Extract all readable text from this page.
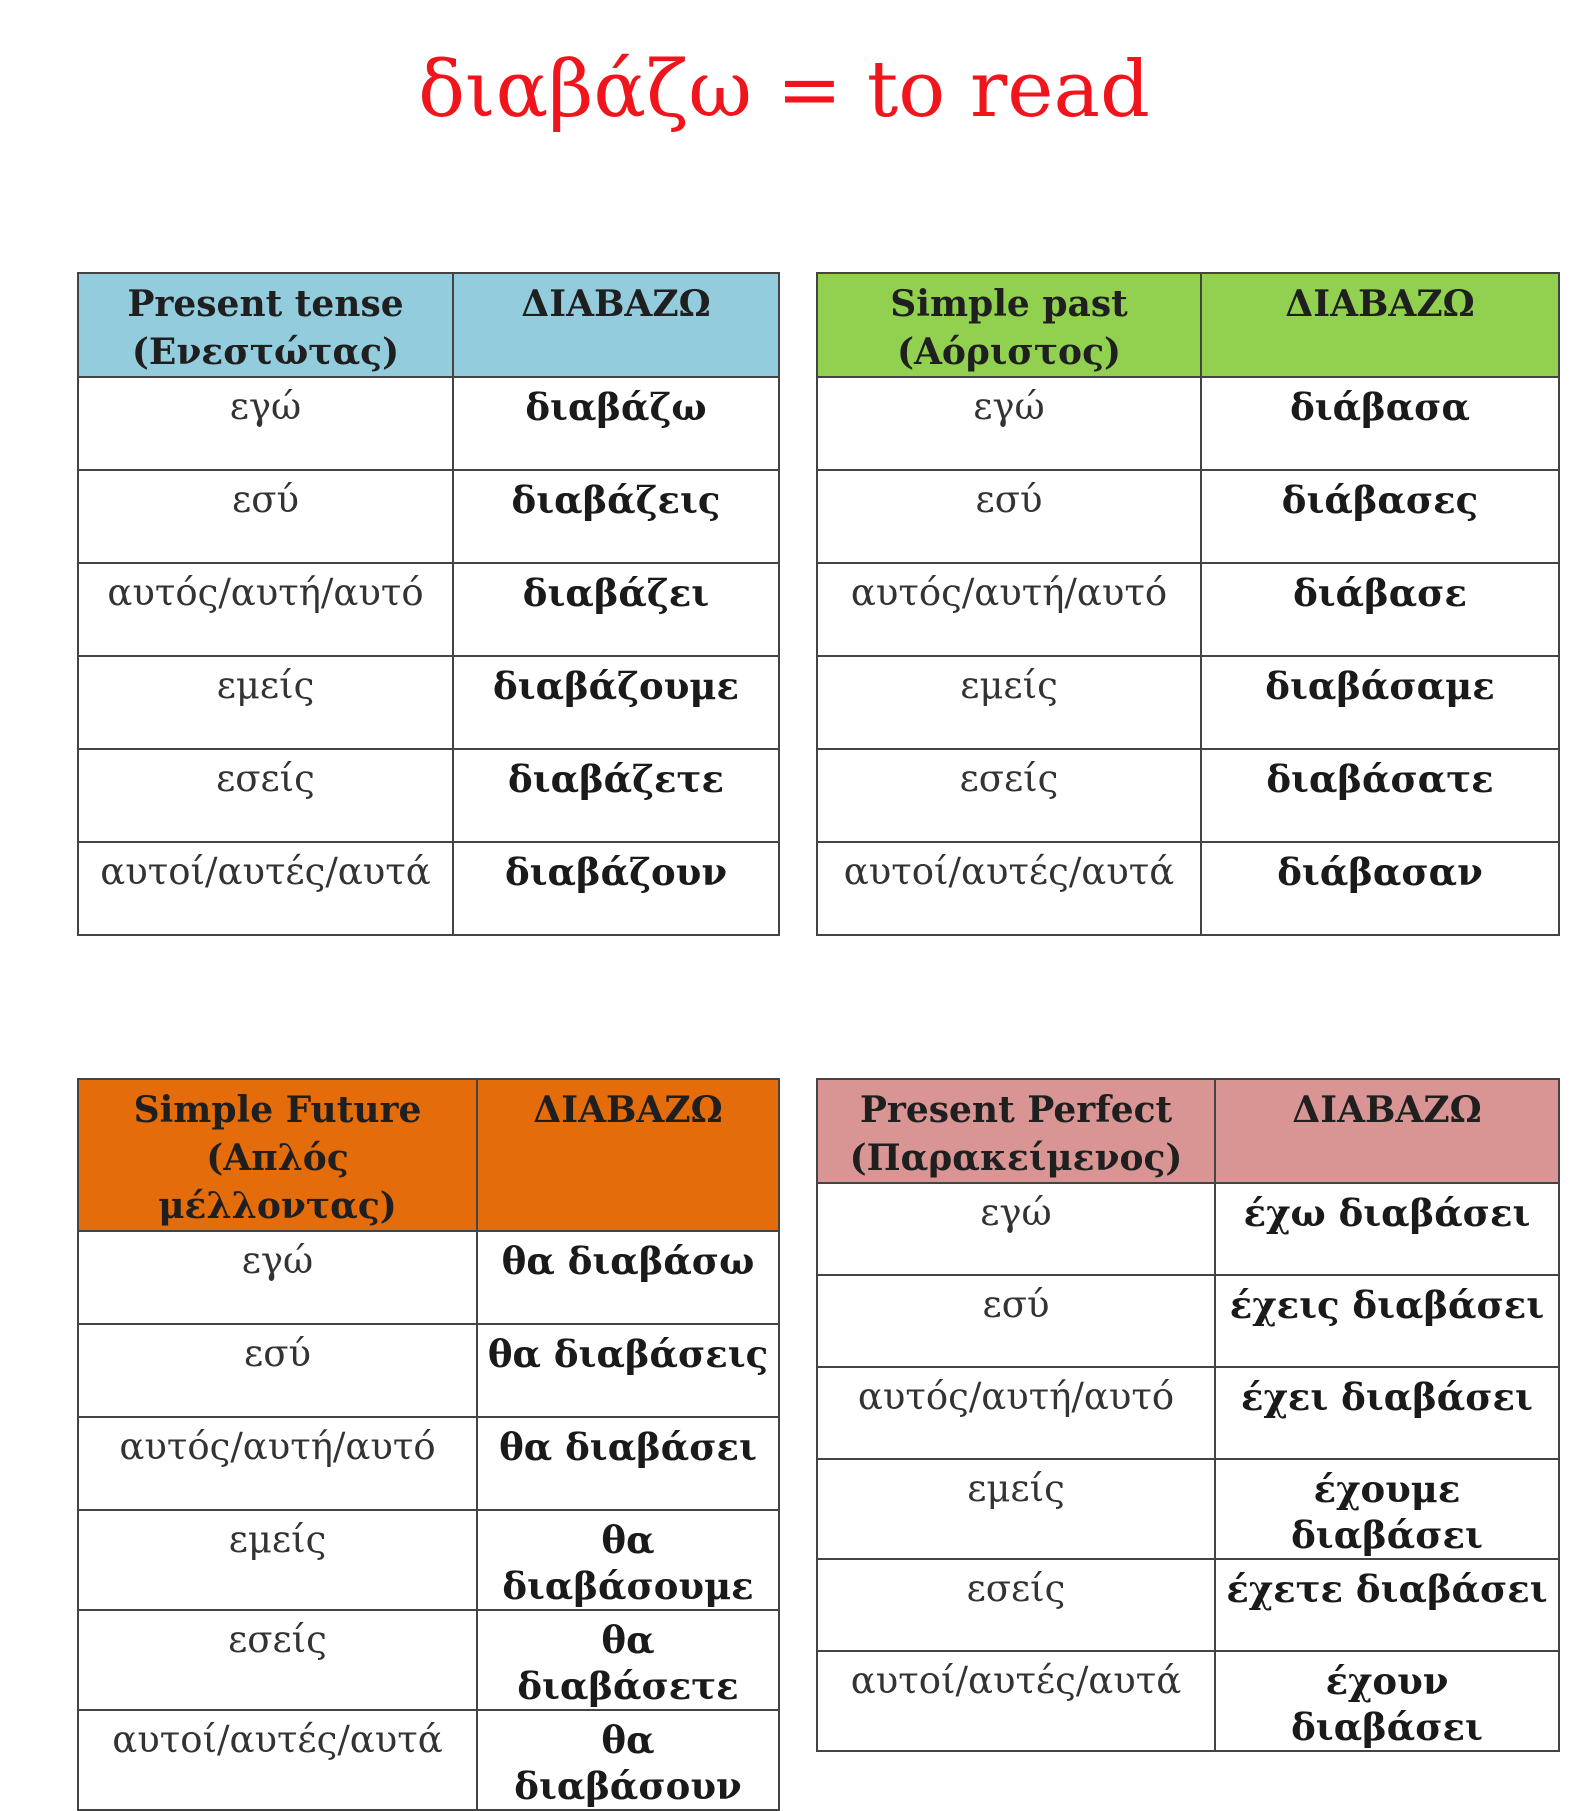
διαβάζω = to read
Present tense
(Ενεστώτας)	ΔΙΑΒΑΖΩ
εγώ	διαβάζω
εσύ	διαβάζεις
αυτός/αυτή/αυτό	διαβάζει
εμείς	διαβάζουμε
εσείς	διαβάζετε
αυτοί/αυτές/αυτά	διαβάζουν
Simple past
(Αόριστος)	ΔΙΑΒΑΖΩ
εγώ	διάβασα
εσύ	διάβασες
αυτός/αυτή/αυτό	διάβασε
εμείς	διαβάσαμε
εσείς	διαβάσατε
αυτοί/αυτές/αυτά	διάβασαν
Simple Future
(Απλός μέλλοντας)	ΔΙΑΒΑΖΩ
εγώ	θα διαβάσω
εσύ	θα διαβάσεις
αυτός/αυτή/αυτό	θα διαβάσει
εμείς	θα διαβάσουμε
εσείς	θα διαβάσετε
αυτοί/αυτές/αυτά	θα διαβάσουν
Present Perfect
(Παρακείμενος)	ΔΙΑΒΑΖΩ
εγώ	έχω διαβάσει
εσύ	έχεις διαβάσει
αυτός/αυτή/αυτό	έχει διαβάσει
εμείς	έχουμε διαβάσει
εσείς	έχετε διαβάσει
αυτοί/αυτές/αυτά	έχουν διαβάσει
